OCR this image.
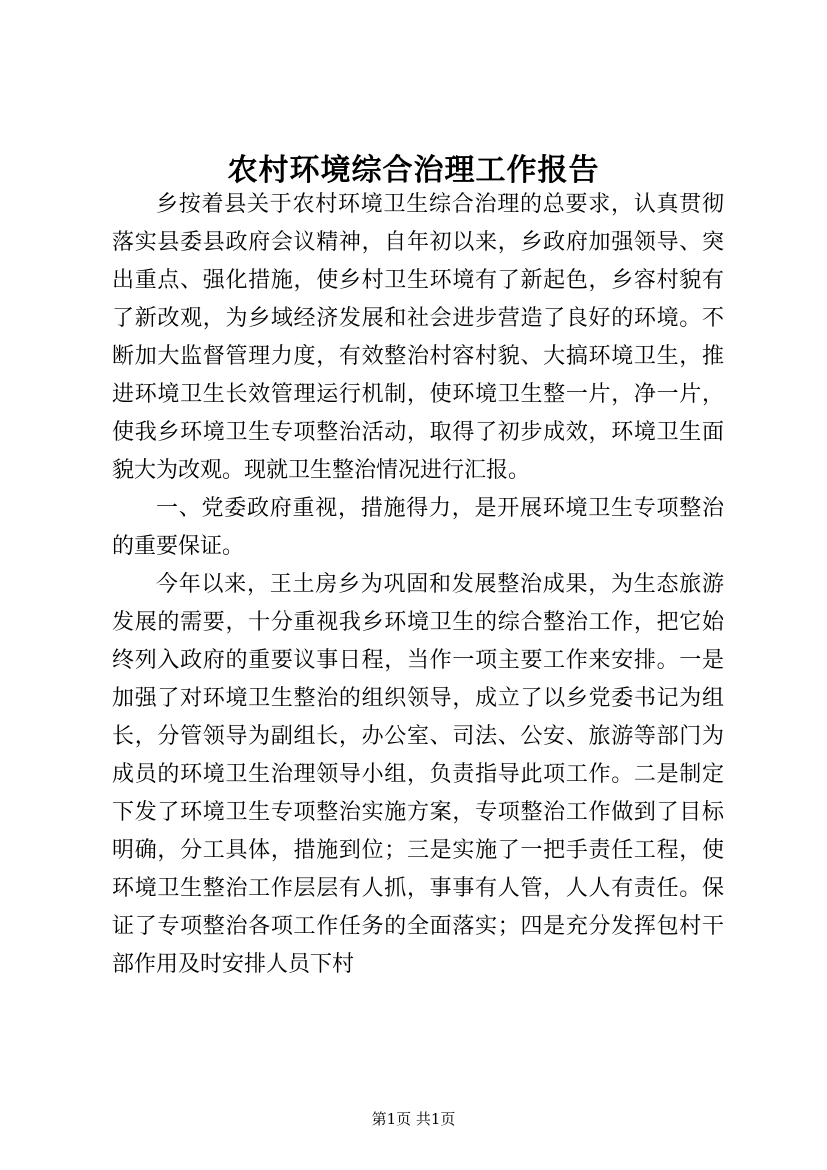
农村环境综合治理工作报告

乡按着县关于农村环境卫生综合治理的总要求，认真贯彻落实县委县政府会议精神，自年初以来，乡政府加强领导、突出重点、强化措施，使乡村卫生环境有了新起色，乡容村貌有了新改观，为乡域经济发展和社会进步营造了良好的环境。不断加大监督管理力度，有效整治村容村貌、大搞环境卫生，推进环境卫生长效管理运行机制，使环境卫生整一片，净一片，使我乡环境卫生专项整治活动，取得了初步成效，环境卫生面貌大为改观。现就卫生整治情况进行汇报。

一、党委政府重视，措施得力，是开展环境卫生专项整治的重要保证。

今年以来，王土房乡为巩固和发展整治成果，为生态旅游发展的需要，十分重视我乡环境卫生的综合整治工作，把它始终列入政府的重要议事日程，当作一项主要工作来安排。一是加强了对环境卫生整治的组织领导，成立了以乡党委书记为组长，分管领导为副组长，办公室、司法、公安、旅游等部门为成员的环境卫生治理领导小组，负责指导此项工作。二是制定下发了环境卫生专项整治实施方案，专项整治工作做到了目标明确，分工具体，措施到位；三是实施了一把手责任工程，使环境卫生整治工作层层有人抓，事事有人管，人人有责任。保证了专项整治各项工作任务的全面落实；四是充分发挥包村干部作用及时安排人员下村

第1页 共1页
